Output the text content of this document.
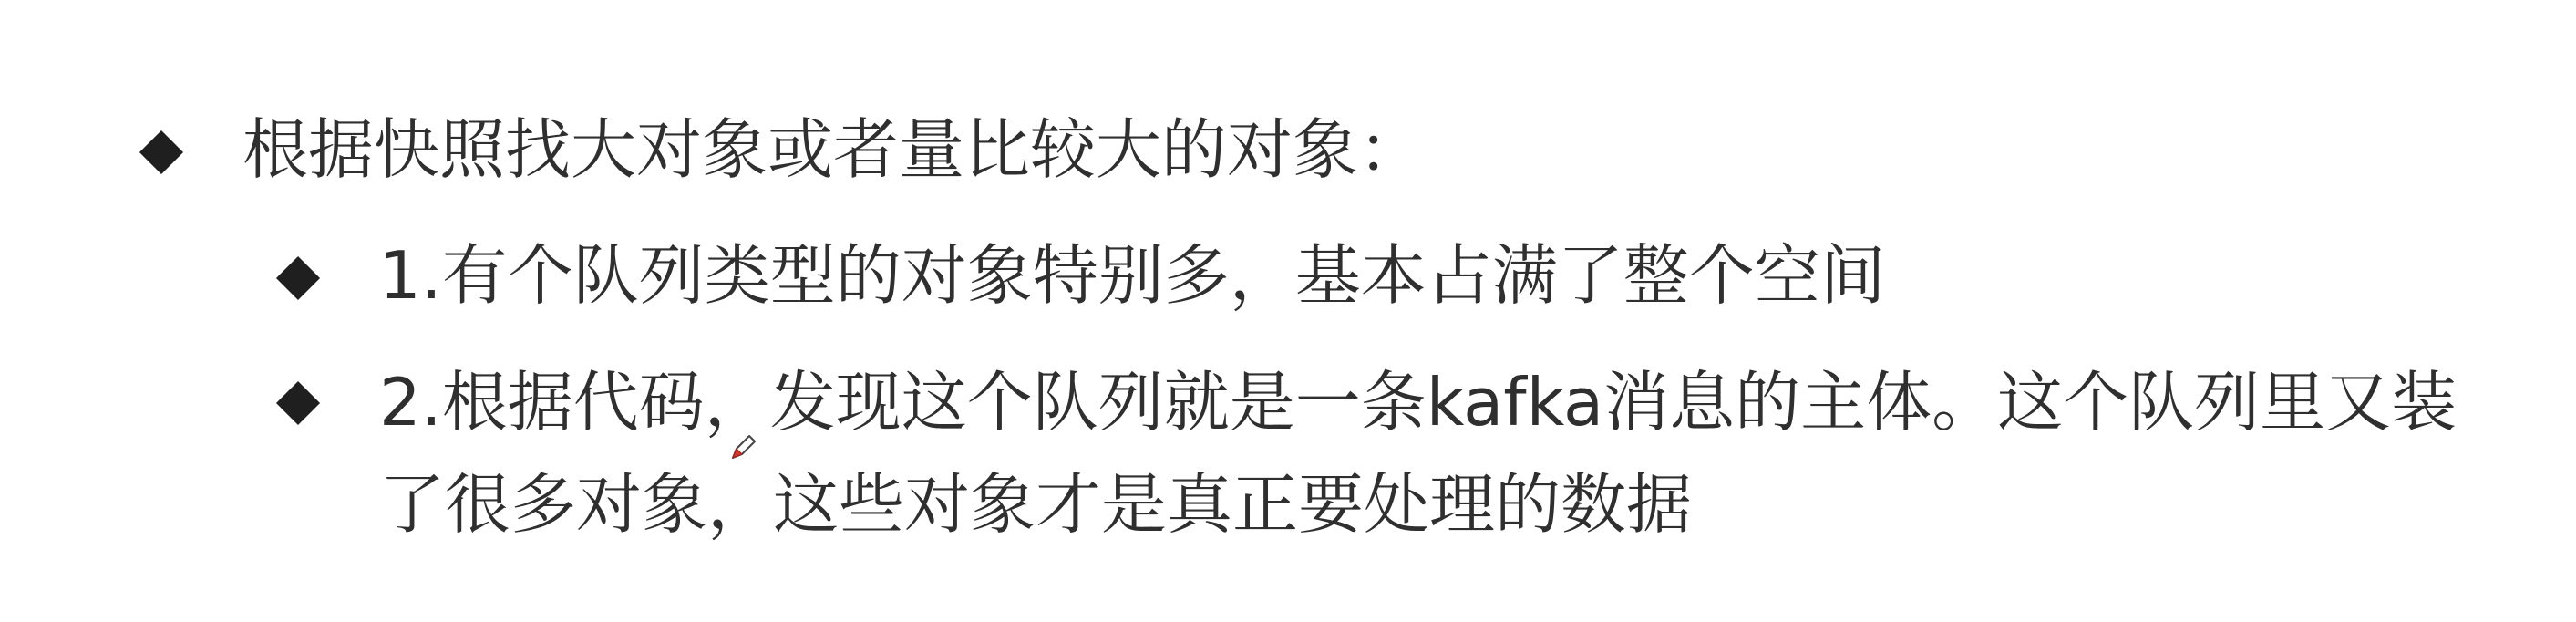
根据快照找大对象或者量比较大的对象：
1.有个队列类型的对象特别多，基本占满了整个空间
2.根据代码，发现这个队列就是一条kafka消息的主体。这个队列里又装了很多对象，这些对象才是真正要处理的数据
